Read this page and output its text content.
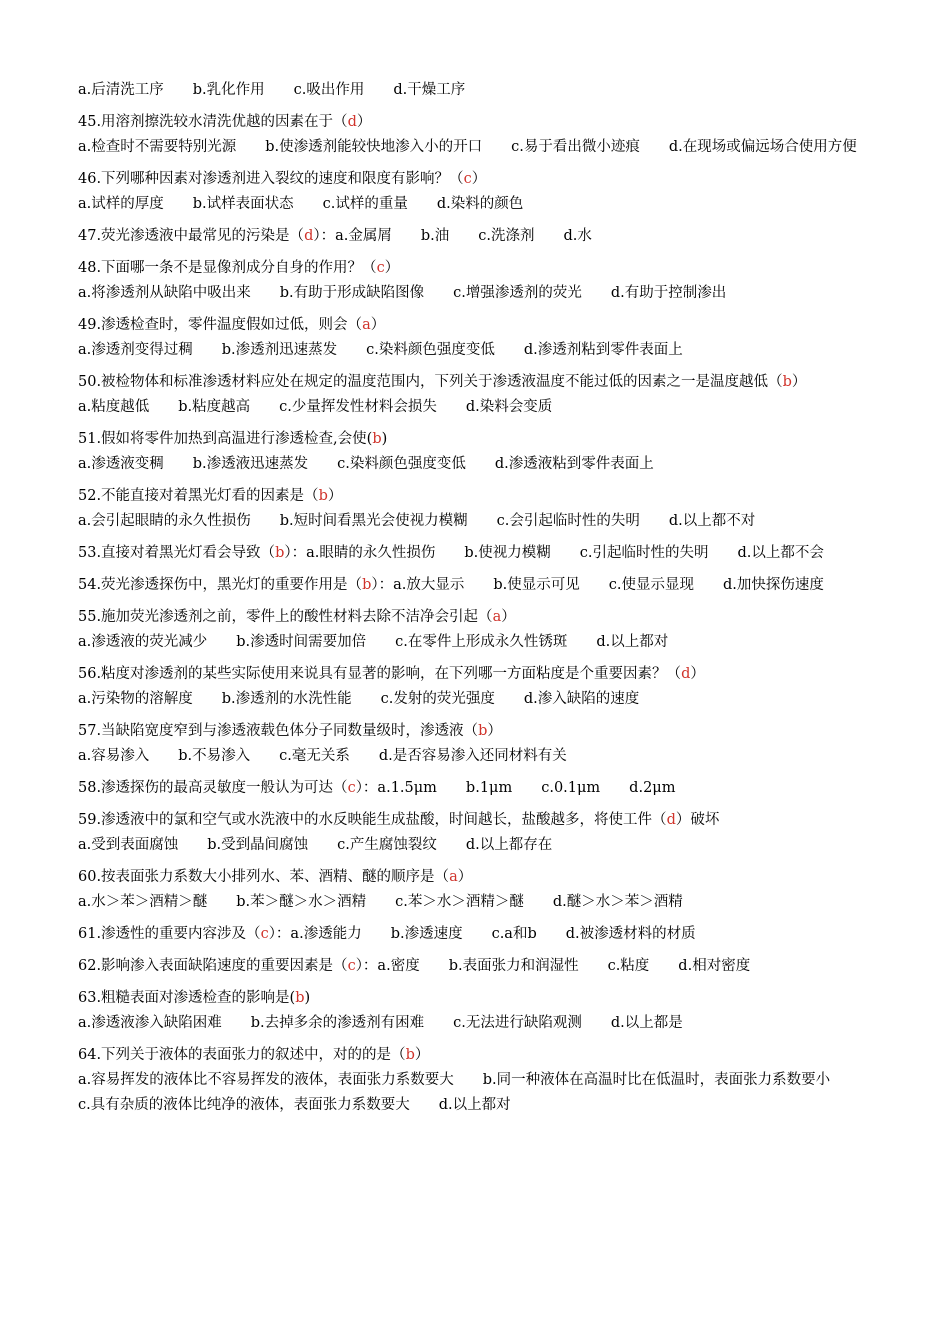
a.后清洗工序　　b.乳化作用　　c.吸出作用　　d.干燥工序
45.用溶剂擦洗较水清洗优越的因素在于（d）
a.检查时不需要特别光源　　b.使渗透剂能较快地渗入小的开口　　c.易于看出微小迹痕　　d.在现场或偏远场合使用方便
46.下列哪种因素对渗透剂进入裂纹的速度和限度有影响？（c）
a.试样的厚度　　b.试样表面状态　　c.试样的重量　　d.染料的颜色
47.荧光渗透液中最常见的污染是（d）：a.金属屑　　b.油　　c.洗涤剂　　d.水
48.下面哪一条不是显像剂成分自身的作用？（c）
a.将渗透剂从缺陷中吸出来　　b.有助于形成缺陷图像　　c.增强渗透剂的荧光　　d.有助于控制渗出
49.渗透检查时，零件温度假如过低，则会（a）
a.渗透剂变得过稠　　b.渗透剂迅速蒸发　　c.染料颜色强度变低　　d.渗透剂粘到零件表面上
50.被检物体和标准渗透材料应处在规定的温度范围内，下列关于渗透液温度不能过低的因素之一是温度越低（b）
a.粘度越低　　b.粘度越高　　c.少量挥发性材料会损失　　d.染料会变质
51.假如将零件加热到高温进行渗透检查,会使(b)
a.渗透液变稠　　b.渗透液迅速蒸发　　c.染料颜色强度变低　　d.渗透液粘到零件表面上
52.不能直接对着黑光灯看的因素是（b）
a.会引起眼睛的永久性损伤　　b.短时间看黑光会使视力模糊　　c.会引起临时性的失明　　d.以上都不对
53.直接对着黑光灯看会导致（b）：a.眼睛的永久性损伤　　b.使视力模糊　　c.引起临时性的失明　　d.以上都不会
54.荧光渗透探伤中，黑光灯的重要作用是（b）：a.放大显示　　b.使显示可见　　c.使显示显现　　d.加快探伤速度
55.施加荧光渗透剂之前，零件上的酸性材料去除不洁净会引起（a）
a.渗透液的荧光减少　　b.渗透时间需要加倍　　c.在零件上形成永久性锈斑　　d.以上都对
56.粘度对渗透剂的某些实际使用来说具有显著的影响，在下列哪一方面粘度是个重要因素？（d）
a.污染物的溶解度　　b.渗透剂的水洗性能　　c.发射的荧光强度　　d.渗入缺陷的速度
57.当缺陷宽度窄到与渗透液载色体分子同数量级时，渗透液（b）
a.容易渗入　　b.不易渗入　　c.毫无关系　　d.是否容易渗入还同材料有关
58.渗透探伤的最高灵敏度一般认为可达（c）：a.1.5μm　　b.1μm　　c.0.1μm　　d.2μm
59.渗透液中的氯和空气或水洗液中的水反映能生成盐酸，时间越长，盐酸越多，将使工件（d）破坏
a.受到表面腐蚀　　b.受到晶间腐蚀　　c.产生腐蚀裂纹　　d.以上都存在
60.按表面张力系数大小排列水、苯、酒精、醚的顺序是（a）
a.水＞苯＞酒精＞醚　　b.苯＞醚＞水＞酒精　　c.苯＞水＞酒精＞醚　　d.醚＞水＞苯＞酒精
61.渗透性的重要内容涉及（c）：a.渗透能力　　b.渗透速度　　c.a和b　　d.被渗透材料的材质
62.影响渗入表面缺陷速度的重要因素是（c）：a.密度　　b.表面张力和润湿性　　c.粘度　　d.相对密度
63.粗糙表面对渗透检查的影响是(b)
a.渗透液渗入缺陷困难　　b.去掉多余的渗透剂有困难　　c.无法进行缺陷观测　　d.以上都是
64.下列关于液体的表面张力的叙述中，对的的是（b）
a.容易挥发的液体比不容易挥发的液体，表面张力系数要大　　b.同一种液体在高温时比在低温时，表面张力系数要小
c.具有杂质的液体比纯净的液体，表面张力系数要大　　d.以上都对
